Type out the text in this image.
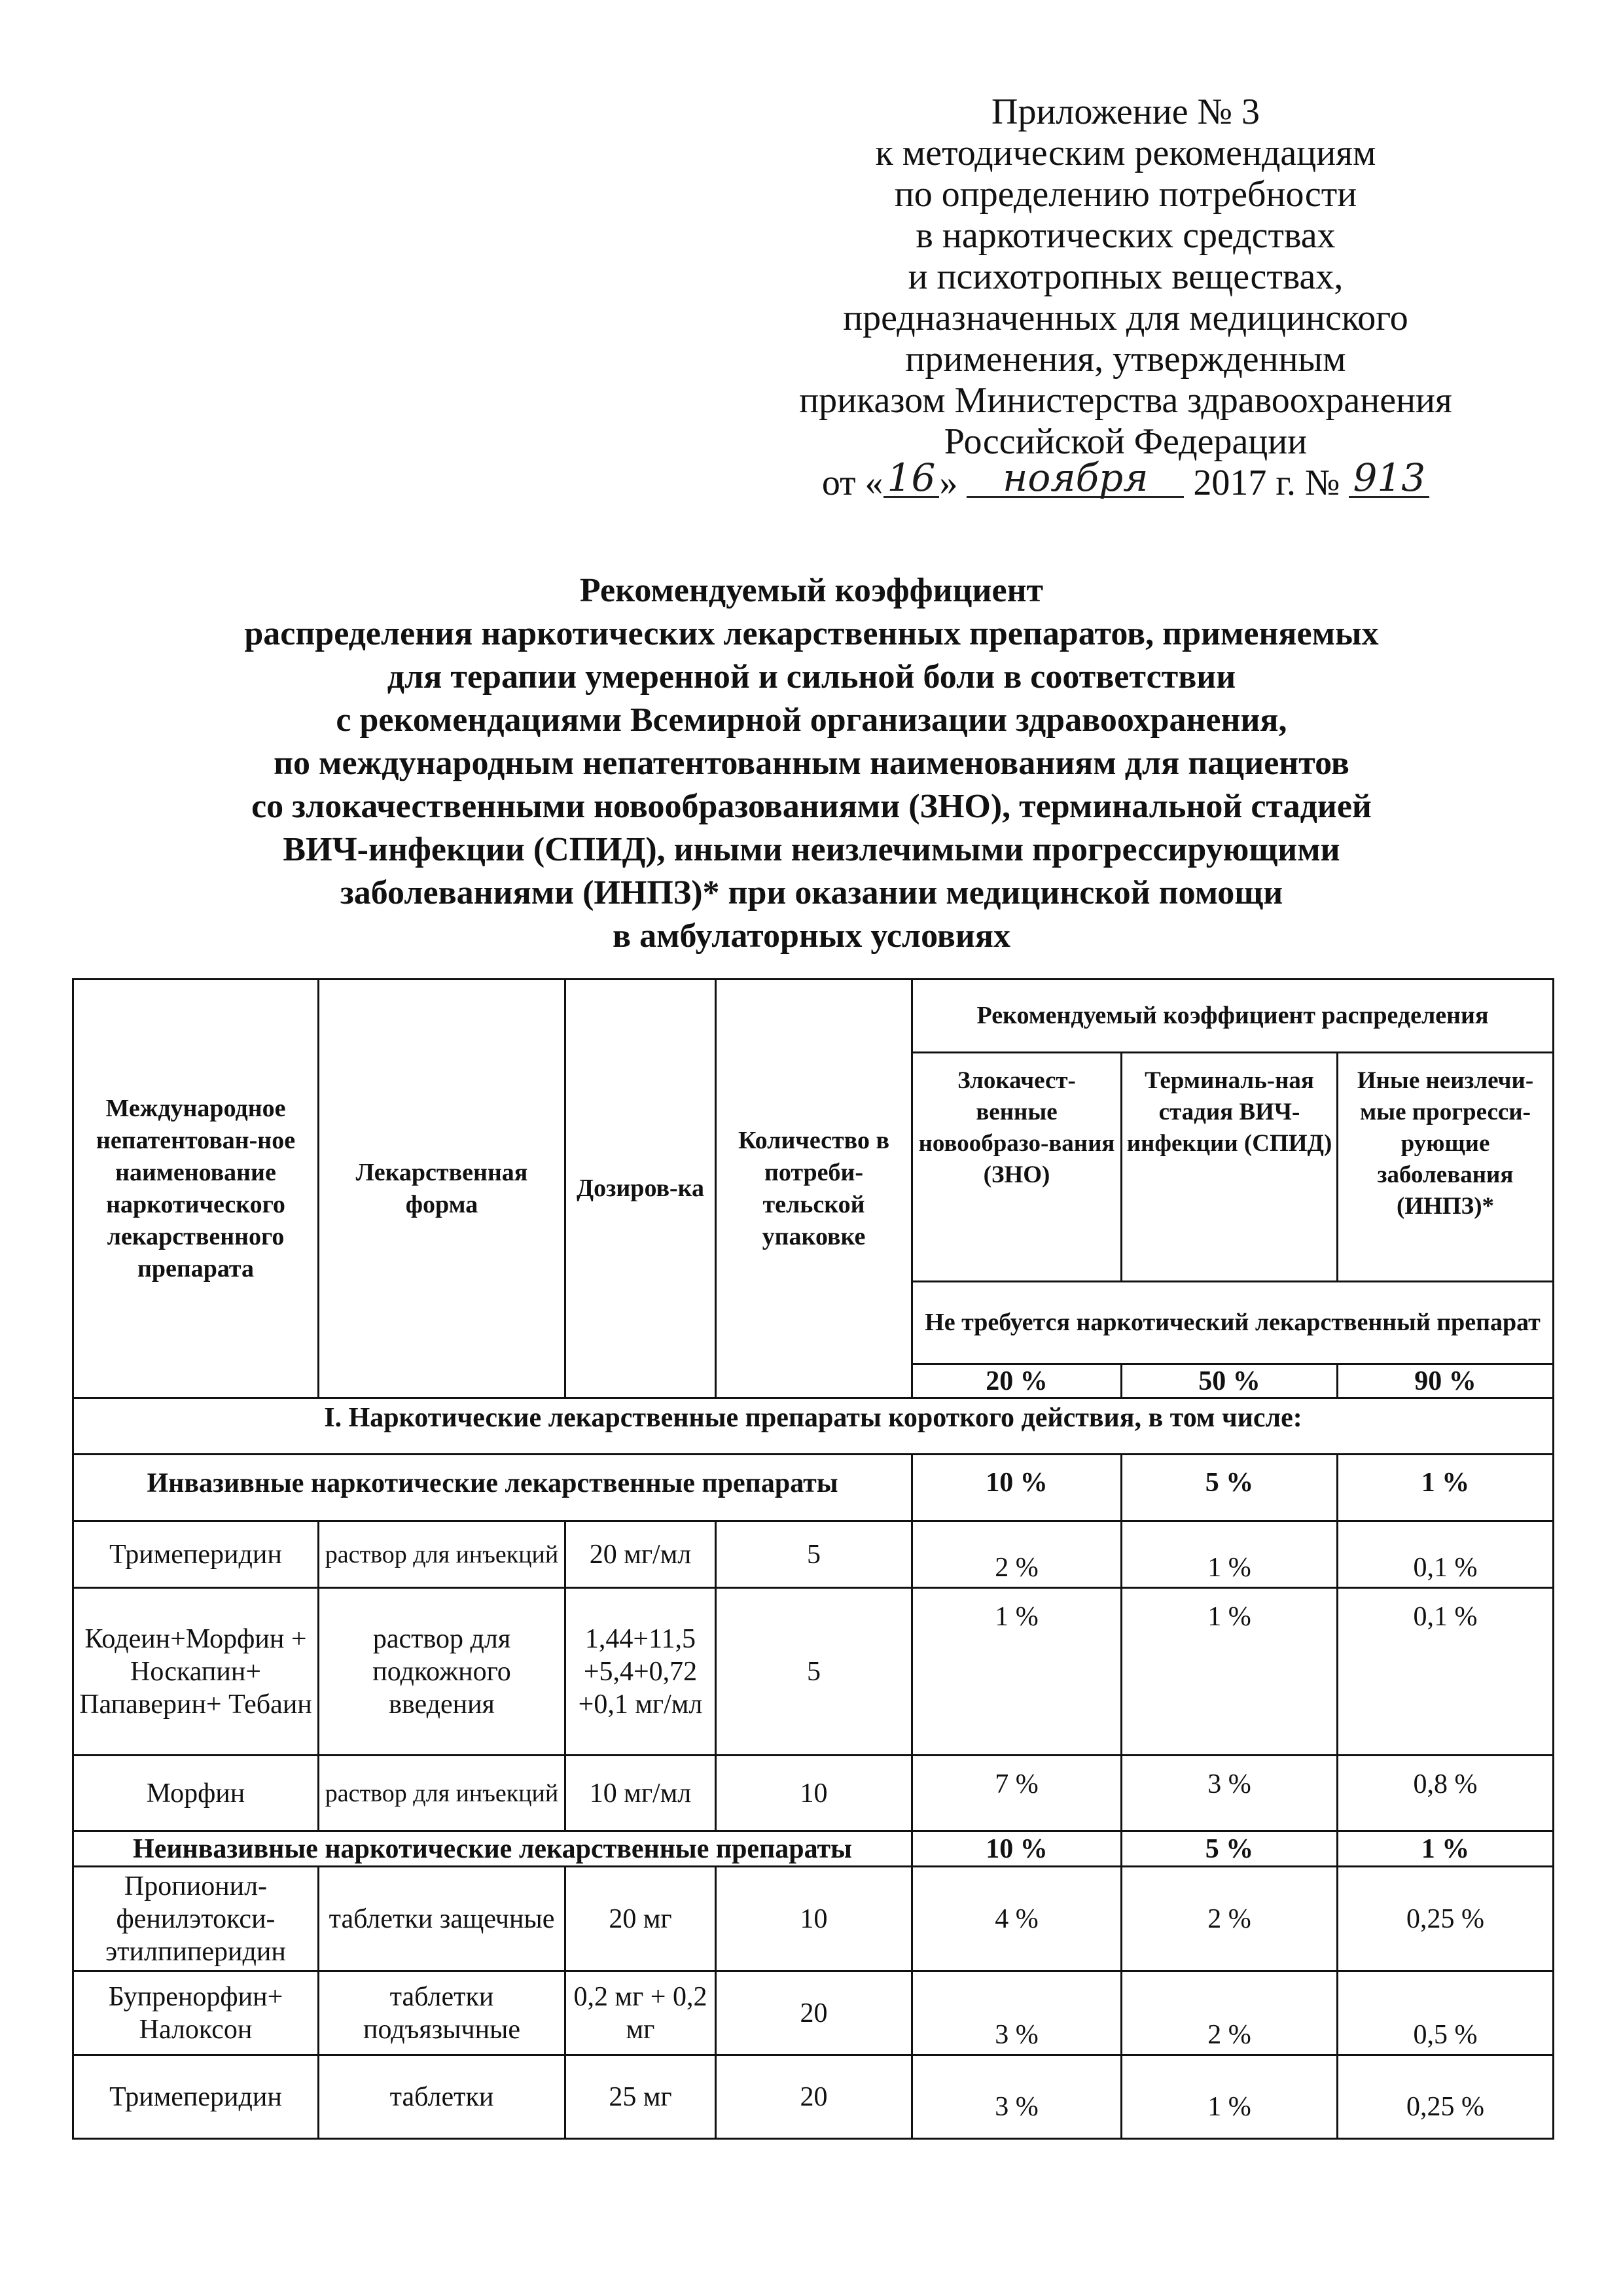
Приложение № 3
к методическим рекомендациям
по определению потребности
в наркотических средствах
и психотропных веществах,
предназначенных для медицинского
применения, утвержденным
приказом Министерства здравоохранения
Российской Федерации
от « 16 » ноября 2017 г. № 913
Рекомендуемый коэффициент
распределения наркотических лекарственных препаратов, применяемых
для терапии умеренной и сильной боли в соответствии
с рекомендациями Всемирной организации здравоохранения,
по международным непатентованным наименованиям для пациентов
со злокачественными новообразованиями (ЗНО), терминальной стадией
ВИЧ-инфекции (СПИД), иными неизлечимыми прогрессирующими
заболеваниями (ИНПЗ)* при оказании медицинской помощи
в амбулаторных условиях
Международное непатентован-ное наименование наркотического лекарственного препарата	Лекарственная форма	Дозиров-ка	Количество в потреби-тельской упаковке	Рекомендуемый коэффициент распределения		
				Злокачест-венные новообразо-вания (ЗНО)	Терминаль-ная стадия ВИЧ-инфекции (СПИД)	Иные неизлечи-мые прогресси-рующие заболевания (ИНПЗ)*
				Не требуется наркотический лекарственный препарат		
				20 %	50 %	90 %
I. Наркотические лекарственные препараты короткого действия, в том числе:						
Инвазивные наркотические лекарственные препараты				10 %	5 %	1 %
Тримеперидин	раствор для инъекций	20 мг/мл	5	2 %	1 %	0,1 %
Кодеин+Морфин + Носкапин+ Папаверин+ Тебаин	раствор для подкожного введения	1,44+11,5 +5,4+0,72 +0,1 мг/мл	5	1 %	1 %	0,1 %
Морфин	раствор для инъекций	10 мг/мл	10	7 %	3 %	0,8 %
Неинвазивные наркотические лекарственные препараты				10 %	5 %	1 %
Пропионил-фенилэтокси-этилпиперидин	таблетки защечные	20 мг	10	4 %	2 %	0,25 %
Бупренорфин+ Налоксон	таблетки подъязычные	0,2 мг + 0,2 мг	20	3 %	2 %	0,5 %
Тримеперидин	таблетки	25 мг	20	3 %	1 %	0,25 %
